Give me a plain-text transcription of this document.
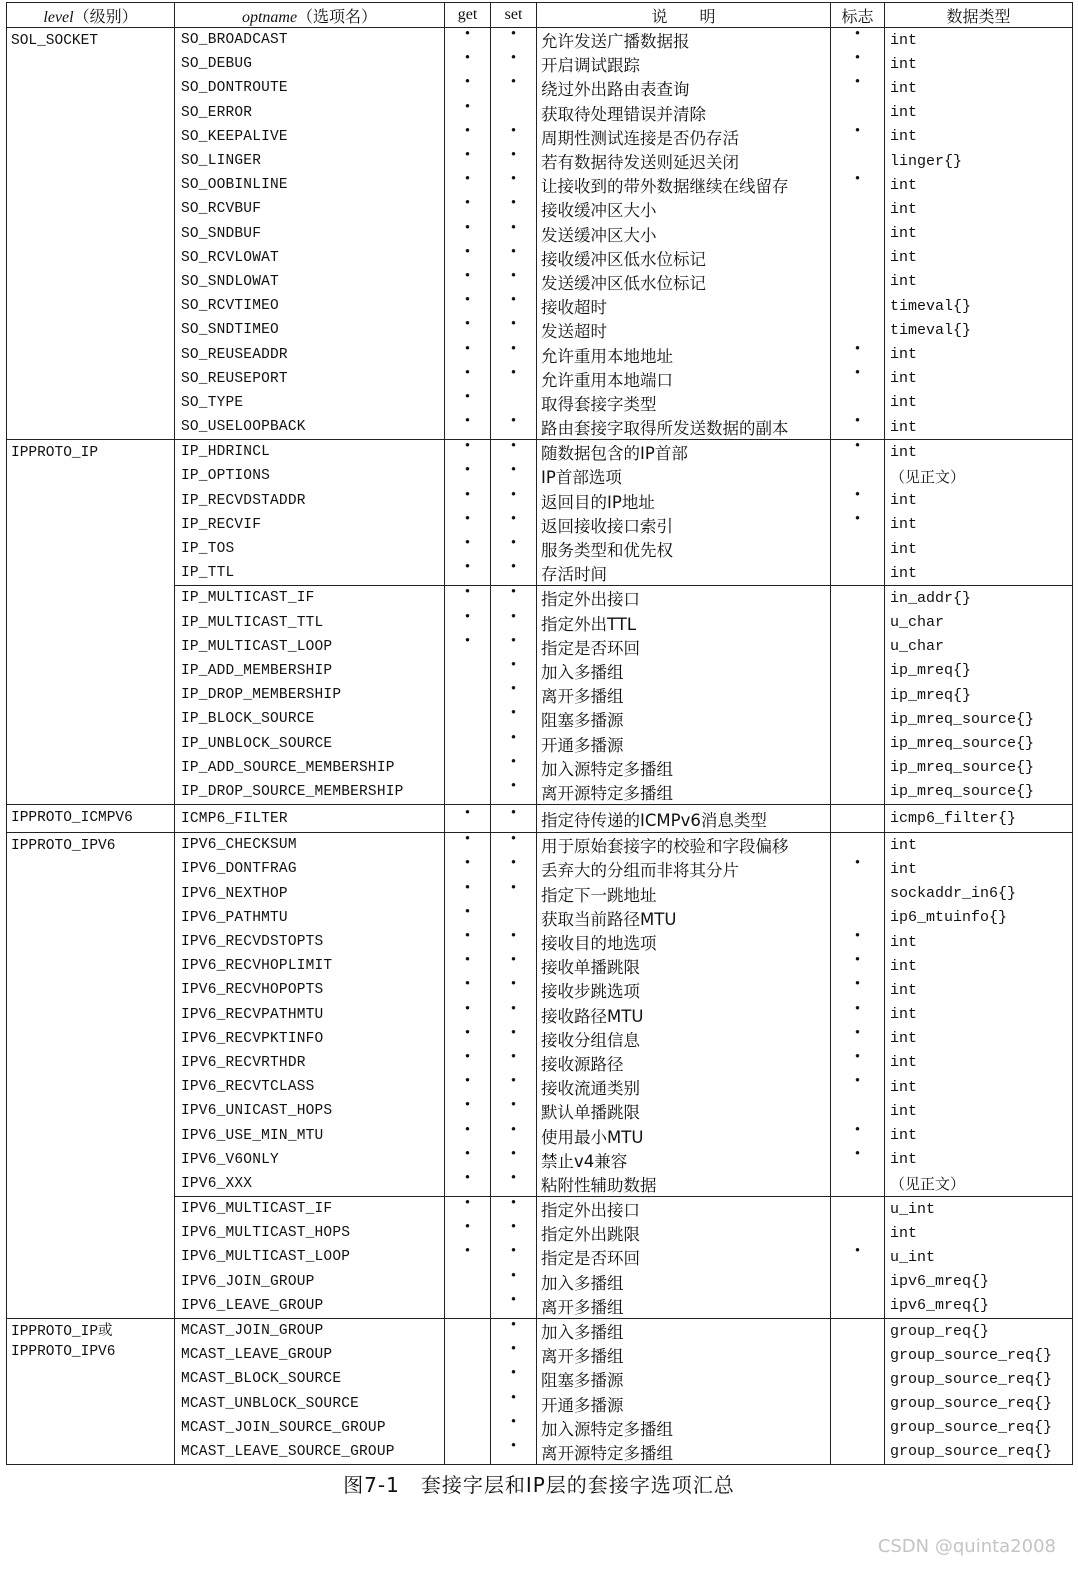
level（级别）	optname（选项名）	get	set	说　　明	标志	数据类型
SOL_SOCKET	SO_BROADCAST	•	•	允许发送广播数据报	•	int
	SO_DEBUG	•	•	开启调试跟踪	•	int
	SO_DONTROUTE	•	•	绕过外出路由表查询	•	int
	SO_ERROR	•		获取待处理错误并清除		int
	SO_KEEPALIVE	•	•	周期性测试连接是否仍存活	•	int
	SO_LINGER	•	•	若有数据待发送则延迟关闭		linger{}
	SO_OOBINLINE	•	•	让接收到的带外数据继续在线留存	•	int
	SO_RCVBUF	•	•	接收缓冲区大小		int
	SO_SNDBUF	•	•	发送缓冲区大小		int
	SO_RCVLOWAT	•	•	接收缓冲区低水位标记		int
	SO_SNDLOWAT	•	•	发送缓冲区低水位标记		int
	SO_RCVTIMEO	•	•	接收超时		timeval{}
	SO_SNDTIMEO	•	•	发送超时		timeval{}
	SO_REUSEADDR	•	•	允许重用本地地址	•	int
	SO_REUSEPORT	•	•	允许重用本地端口	•	int
	SO_TYPE	•		取得套接字类型		int
	SO_USELOOPBACK	•	•	路由套接字取得所发送数据的副本	•	int
IPPROTO_IP	IP_HDRINCL	•	•	随数据包含的IP首部	•	int
	IP_OPTIONS	•	•	IP首部选项		（见正文）
	IP_RECVDSTADDR	•	•	返回目的IP地址	•	int
	IP_RECVIF	•	•	返回接收接口索引	•	int
	IP_TOS	•	•	服务类型和优先权		int
	IP_TTL	•	•	存活时间		int
	IP_MULTICAST_IF	•	•	指定外出接口		in_addr{}
	IP_MULTICAST_TTL	•	•	指定外出TTL		u_char
	IP_MULTICAST_LOOP	•	•	指定是否环回		u_char
	IP_ADD_MEMBERSHIP		•	加入多播组		ip_mreq{}
	IP_DROP_MEMBERSHIP		•	离开多播组		ip_mreq{}
	IP_BLOCK_SOURCE		•	阻塞多播源		ip_mreq_source{}
	IP_UNBLOCK_SOURCE		•	开通多播源		ip_mreq_source{}
	IP_ADD_SOURCE_MEMBERSHIP		•	加入源特定多播组		ip_mreq_source{}
	IP_DROP_SOURCE_MEMBERSHIP		•	离开源特定多播组		ip_mreq_source{}
IPPROTO_ICMPV6	ICMP6_FILTER	•	•	指定待传递的ICMPv6消息类型		icmp6_filter{}
IPPROTO_IPV6	IPV6_CHECKSUM	•	•	用于原始套接字的校验和字段偏移		int
	IPV6_DONTFRAG	•	•	丢弃大的分组而非将其分片	•	int
	IPV6_NEXTHOP	•	•	指定下一跳地址		sockaddr_in6{}
	IPV6_PATHMTU	•		获取当前路径MTU		ip6_mtuinfo{}
	IPV6_RECVDSTOPTS	•	•	接收目的地选项	•	int
	IPV6_RECVHOPLIMIT	•	•	接收单播跳限	•	int
	IPV6_RECVHOPOPTS	•	•	接收步跳选项	•	int
	IPV6_RECVPATHMTU	•	•	接收路径MTU	•	int
	IPV6_RECVPKTINFO	•	•	接收分组信息	•	int
	IPV6_RECVRTHDR	•	•	接收源路径	•	int
	IPV6_RECVTCLASS	•	•	接收流通类别	•	int
	IPV6_UNICAST_HOPS	•	•	默认单播跳限		int
	IPV6_USE_MIN_MTU	•	•	使用最小MTU	•	int
	IPV6_V6ONLY	•	•	禁止v4兼容	•	int
	IPV6_XXX	•	•	粘附性辅助数据		（见正文）
	IPV6_MULTICAST_IF	•	•	指定外出接口		u_int
	IPV6_MULTICAST_HOPS	•	•	指定外出跳限		int
	IPV6_MULTICAST_LOOP	•	•	指定是否环回	•	u_int
	IPV6_JOIN_GROUP		•	加入多播组		ipv6_mreq{}
	IPV6_LEAVE_GROUP		•	离开多播组		ipv6_mreq{}
IPPROTO_IP或 IPPROTO_IPV6	MCAST_JOIN_GROUP		•	加入多播组		group_req{}
	MCAST_LEAVE_GROUP		•	离开多播组		group_source_req{}
	MCAST_BLOCK_SOURCE		•	阻塞多播源		group_source_req{}
	MCAST_UNBLOCK_SOURCE		•	开通多播源		group_source_req{}
	MCAST_JOIN_SOURCE_GROUP		•	加入源特定多播组		group_source_req{}
	MCAST_LEAVE_SOURCE_GROUP		•	离开源特定多播组		group_source_req{}
图7-1　套接字层和IP层的套接字选项汇总
CSDN @quinta2008
